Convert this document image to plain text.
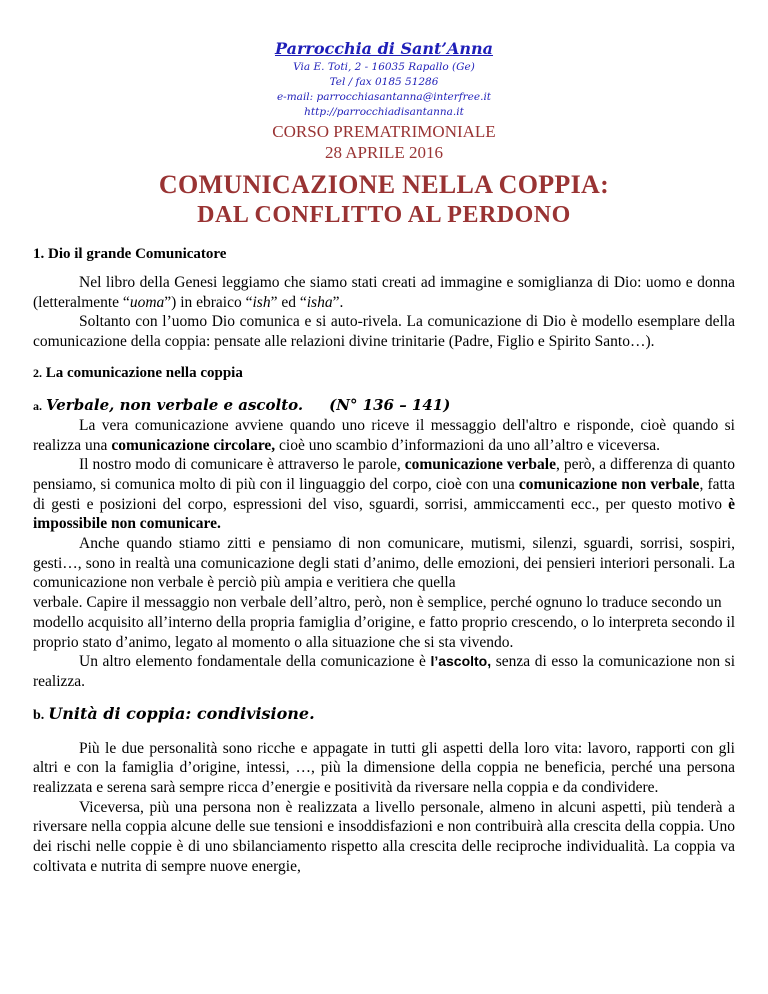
Parrocchia di Sant’Anna

Via E. Toti, 2 - 16035 Rapallo (Ge)

Tel / fax 0185 51286

e-mail: parrocchiasantanna@interfree.it

http://parrocchiadisantanna.it

CORSO PREMATRIMONIALE
28 APRILE 2016
COMUNICAZIONE NELLA COPPIA:
DAL CONFLITTO AL PERDONO
1. Dio il grande Comunicatore

Nel libro della Genesi leggiamo che siamo stati creati ad immagine e somiglianza di Dio: uomo e donna (letteralmente “uoma”) in ebraico “ish” ed “isha”.

Soltanto con l’uomo Dio comunica e si auto-rivela. La comunicazione di Dio è modello esemplare della comunicazione della coppia: pensate alle relazioni divine trinitarie (Padre, Figlio e Spirito Santo…).

2. La comunicazione nella coppia
a. Verbale, non verbale e ascolto. (N° 136 – 141)

La vera comunicazione avviene quando uno riceve il messaggio dell'altro e risponde, cioè quando si realizza una comunicazione circolare, cioè uno scambio d’informazioni da uno all’altro e viceversa.

Il nostro modo di comunicare è attraverso le parole, comunicazione verbale, però, a differenza di quanto pensiamo, si comunica molto di più con il linguaggio del corpo, cioè con una comunicazione non verbale, fatta di gesti e posizioni del corpo, espressioni del viso, sguardi, sorrisi, ammiccamenti ecc., per questo motivo è impossibile non comunicare.

Anche quando stiamo zitti e pensiamo di non comunicare, mutismi, silenzi, sguardi, sorrisi, sospiri, gesti…, sono in realtà una comunicazione degli stati d’animo, delle emozioni, dei pensieri interiori personali. La comunicazione non verbale è perciò più ampia e veritiera che quella

verbale. Capire il messaggio non verbale dell’altro, però, non è semplice, perché ognuno lo traduce secondo un modello acquisito all’interno della propria famiglia d’origine, e fatto proprio crescendo, o lo interpreta secondo il proprio stato d’animo, legato al momento o alla situazione che si sta vivendo.

Un altro elemento fondamentale della comunicazione è l’ascolto, senza di esso la comunicazione non si realizza.

b. Unità di coppia: condivisione.

Più le due personalità sono ricche e appagate in tutti gli aspetti della loro vita: lavoro, rapporti con gli altri e con la famiglia d’origine, intessi, …, più la dimensione della coppia ne beneficia, perché una persona realizzata e serena sarà sempre ricca d’energie e positività da riversare nella coppia e da condividere.

Viceversa, più una persona non è realizzata a livello personale, almeno in alcuni aspetti, più tenderà a riversare nella coppia alcune delle sue tensioni e insoddisfazioni e non contribuirà alla crescita della coppia. Uno dei rischi nelle coppie è di uno sbilanciamento rispetto alla crescita delle reciproche individualità. La coppia va coltivata e nutrita di sempre nuove energie,
